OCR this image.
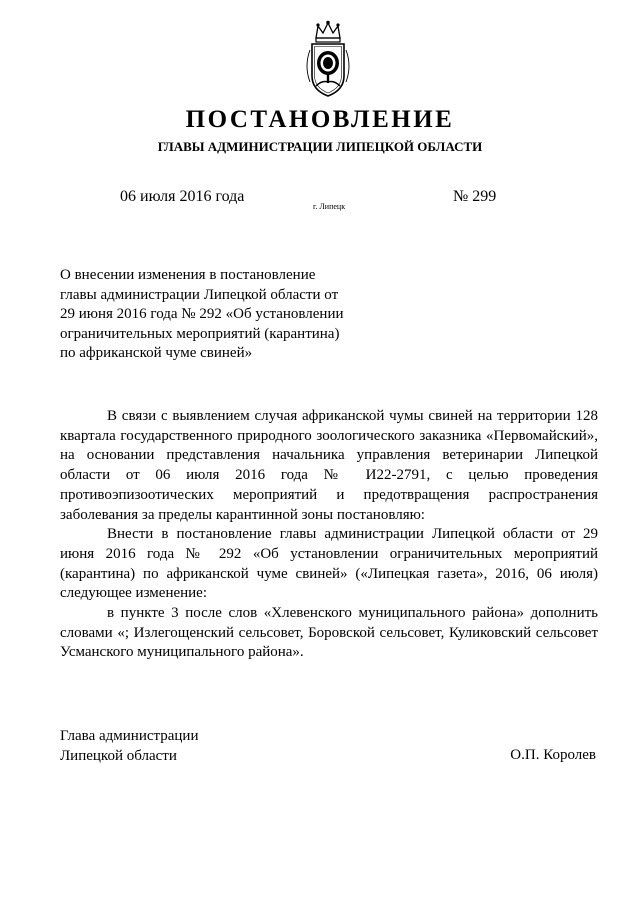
ПОСТАНОВЛЕНИЕ
ГЛАВЫ АДМИНИСТРАЦИИ ЛИПЕЦКОЙ ОБЛАСТИ
06 июля 2016 года
г. Липецк
№ 299
О внесении изменения в постановление
главы администрации Липецкой области от
29 июня 2016 года № 292 «Об установлении
ограничительных мероприятий (карантина)
по африканской чуме свиней»

В связи с выявлением случая африканской чумы свиней на территории 128 квартала государственного природного зоологического заказника «Первомайский», на основании представления начальника управления ветеринарии Липецкой области от 06 июля 2016 года № И22-2791, с целью проведения противоэпизоотических мероприятий и предотвращения распространения заболевания за пределы карантинной зоны постановляю:

Внести в постановление главы администрации Липецкой области от 29 июня 2016 года № 292 «Об установлении ограничительных мероприятий (карантина) по африканской чуме свиней» («Липецкая газета», 2016, 06 июля) следующее изменение:

в пункте 3 после слов «Хлевенского муниципального района» дополнить словами «; Излегощенский сельсовет, Боровской сельсовет, Куликовский сельсовет Усманского муниципального района».

Глава администрации
Липецкой области	О.П. Королев
